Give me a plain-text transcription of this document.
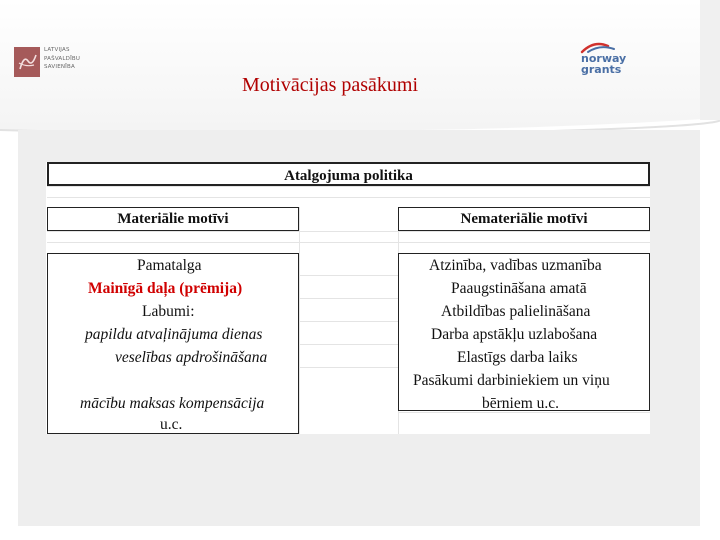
LATVIJAS
PAŠVALDĪBU
SAVIENĪBA
norway
grants
Motivācijas pasākumi
Atalgojuma politika
Materiālie motīvi	Nemateriālie motīvi
Pamatalga
Mainīgā daļa (prēmija)
Labumi:
papildu atvaļinājuma dienas
veselības apdrošināšana
mācību maksas kompensācija
u.c.
Atzinība, vadības uzmanība
Paaugstināšana amatā
Atbildības palielināšana
Darba apstākļu uzlabošana
Elastīgs darba laiks
Pasākumi darbiniekiem un viņu
bērniem u.c.
